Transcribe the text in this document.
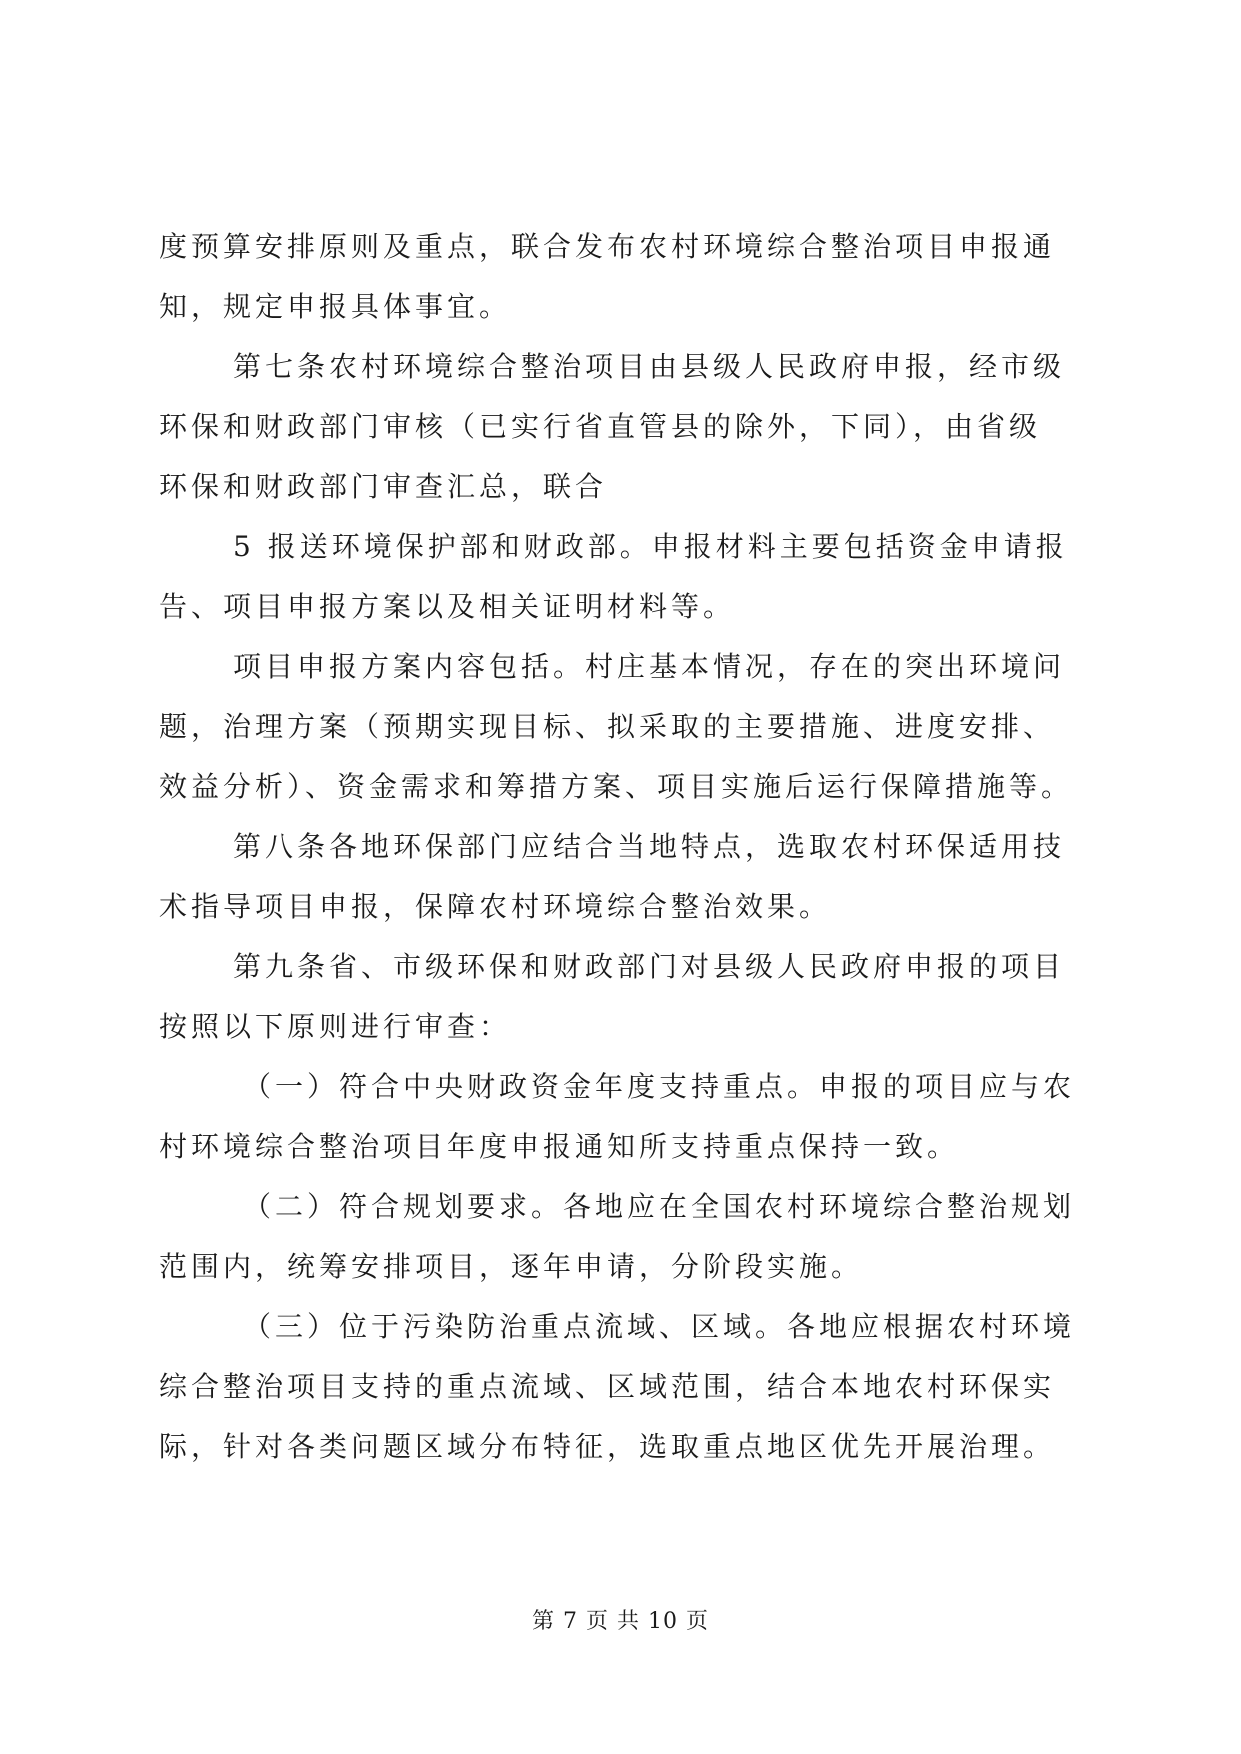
度预算安排原则及重点，联合发布农村环境综合整治项目申报通
知，规定申报具体事宜。
第七条农村环境综合整治项目由县级人民政府申报，经市级
环保和财政部门审核（已实行省直管县的除外，下同），由省级
环保和财政部门审查汇总，联合
5 报送环境保护部和财政部。申报材料主要包括资金申请报
告、项目申报方案以及相关证明材料等。
项目申报方案内容包括。村庄基本情况，存在的突出环境问
题，治理方案（预期实现目标、拟采取的主要措施、进度安排、
效益分析）、资金需求和筹措方案、项目实施后运行保障措施等。
第八条各地环保部门应结合当地特点，选取农村环保适用技
术指导项目申报，保障农村环境综合整治效果。
第九条省、市级环保和财政部门对县级人民政府申报的项目
按照以下原则进行审查：
（一）符合中央财政资金年度支持重点。申报的项目应与农
村环境综合整治项目年度申报通知所支持重点保持一致。
（二）符合规划要求。各地应在全国农村环境综合整治规划
范围内，统筹安排项目，逐年申请，分阶段实施。
（三）位于污染防治重点流域、区域。各地应根据农村环境
综合整治项目支持的重点流域、区域范围，结合本地农村环保实
际，针对各类问题区域分布特征，选取重点地区优先开展治理。
第 7 页 共 10 页
